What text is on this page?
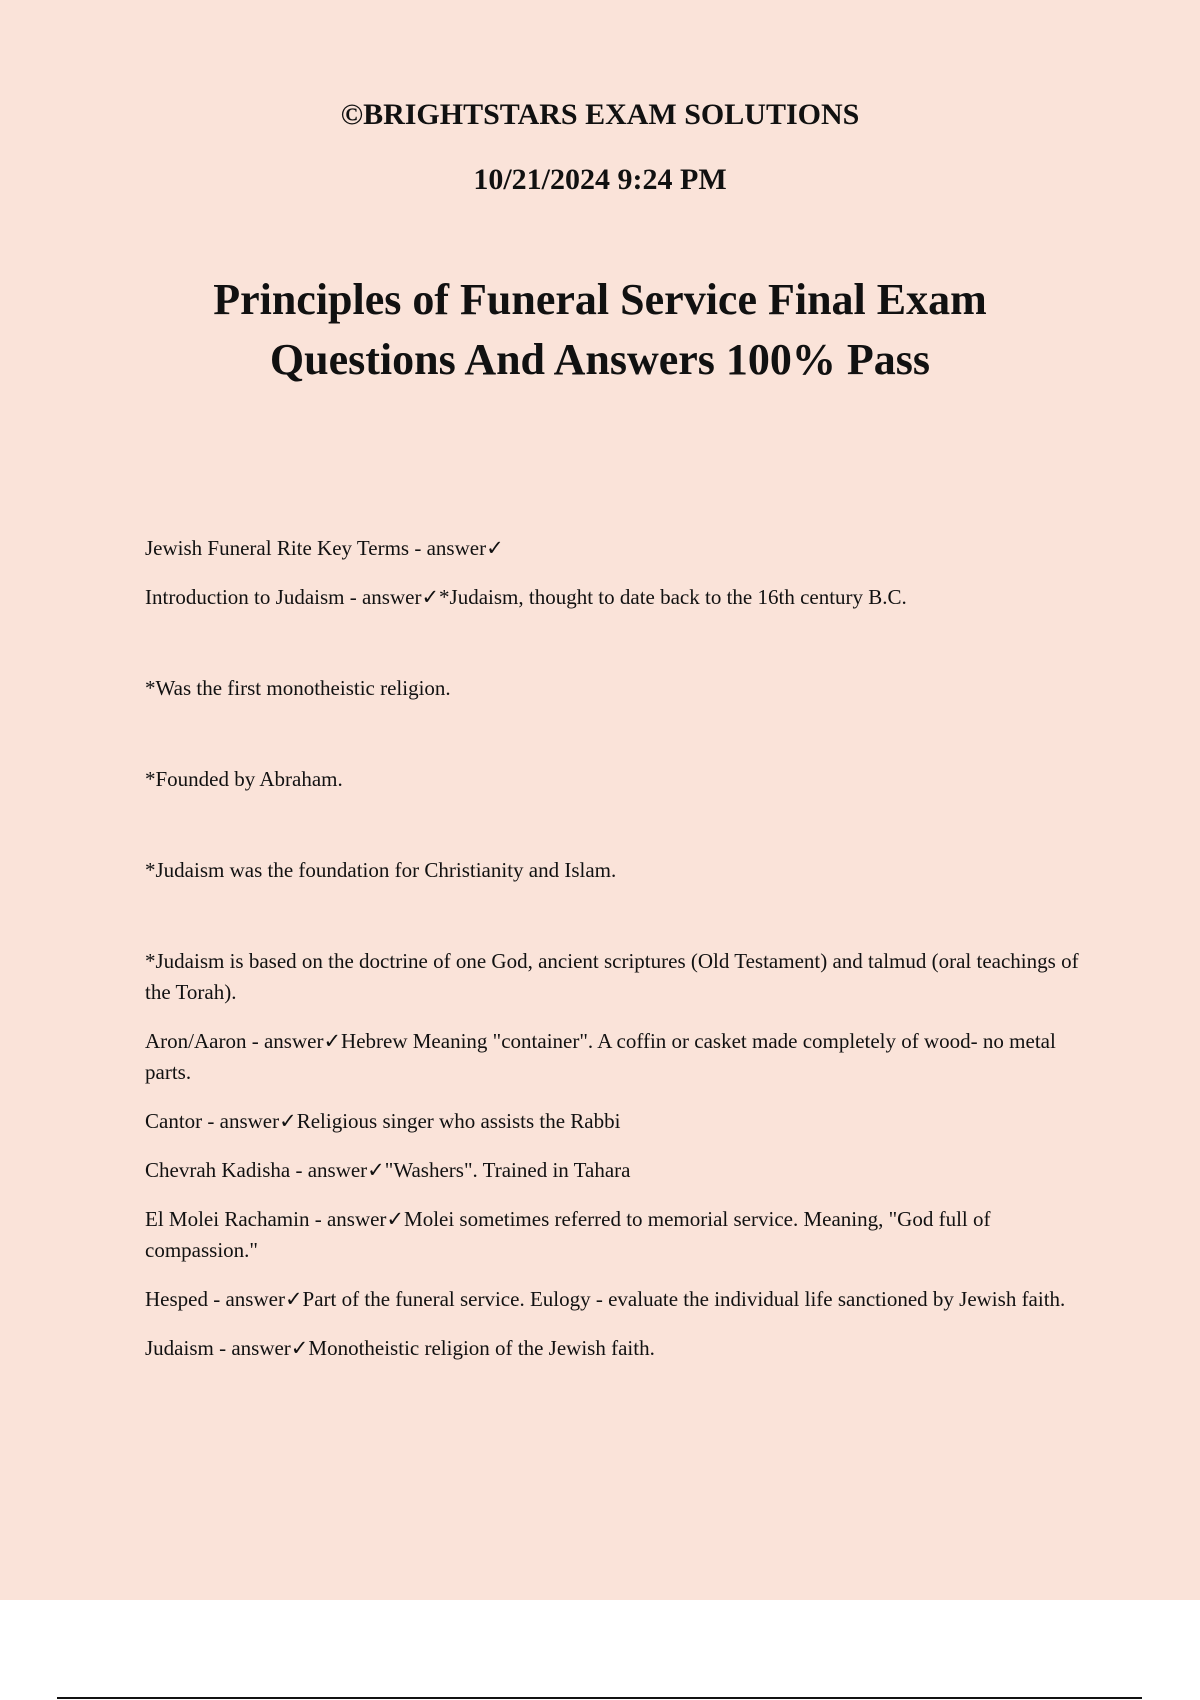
©BRIGHTSTARS EXAM SOLUTIONS
10/21/2024 9:24 PM
Principles of Funeral Service Final Exam
Questions And Answers 100% Pass

Jewish Funeral Rite Key Terms - answer✓

Introduction to Judaism - answer✓*Judaism, thought to date back to the 16th century B.C.

*Was the first monotheistic religion.

*Founded by Abraham.

*Judaism was the foundation for Christianity and Islam.

*Judaism is based on the doctrine of one God, ancient scriptures (Old Testament) and talmud (oral teachings of the Torah).

Aron/Aaron - answer✓Hebrew Meaning "container". A coffin or casket made completely of wood- no metal parts.

Cantor - answer✓Religious singer who assists the Rabbi

Chevrah Kadisha - answer✓"Washers". Trained in Tahara

El Molei Rachamin - answer✓Molei sometimes referred to memorial service. Meaning, "God full of compassion."

Hesped - answer✓Part of the funeral service. Eulogy - evaluate the individual life sanctioned by Jewish faith.

Judaism - answer✓Monotheistic religion of the Jewish faith.
